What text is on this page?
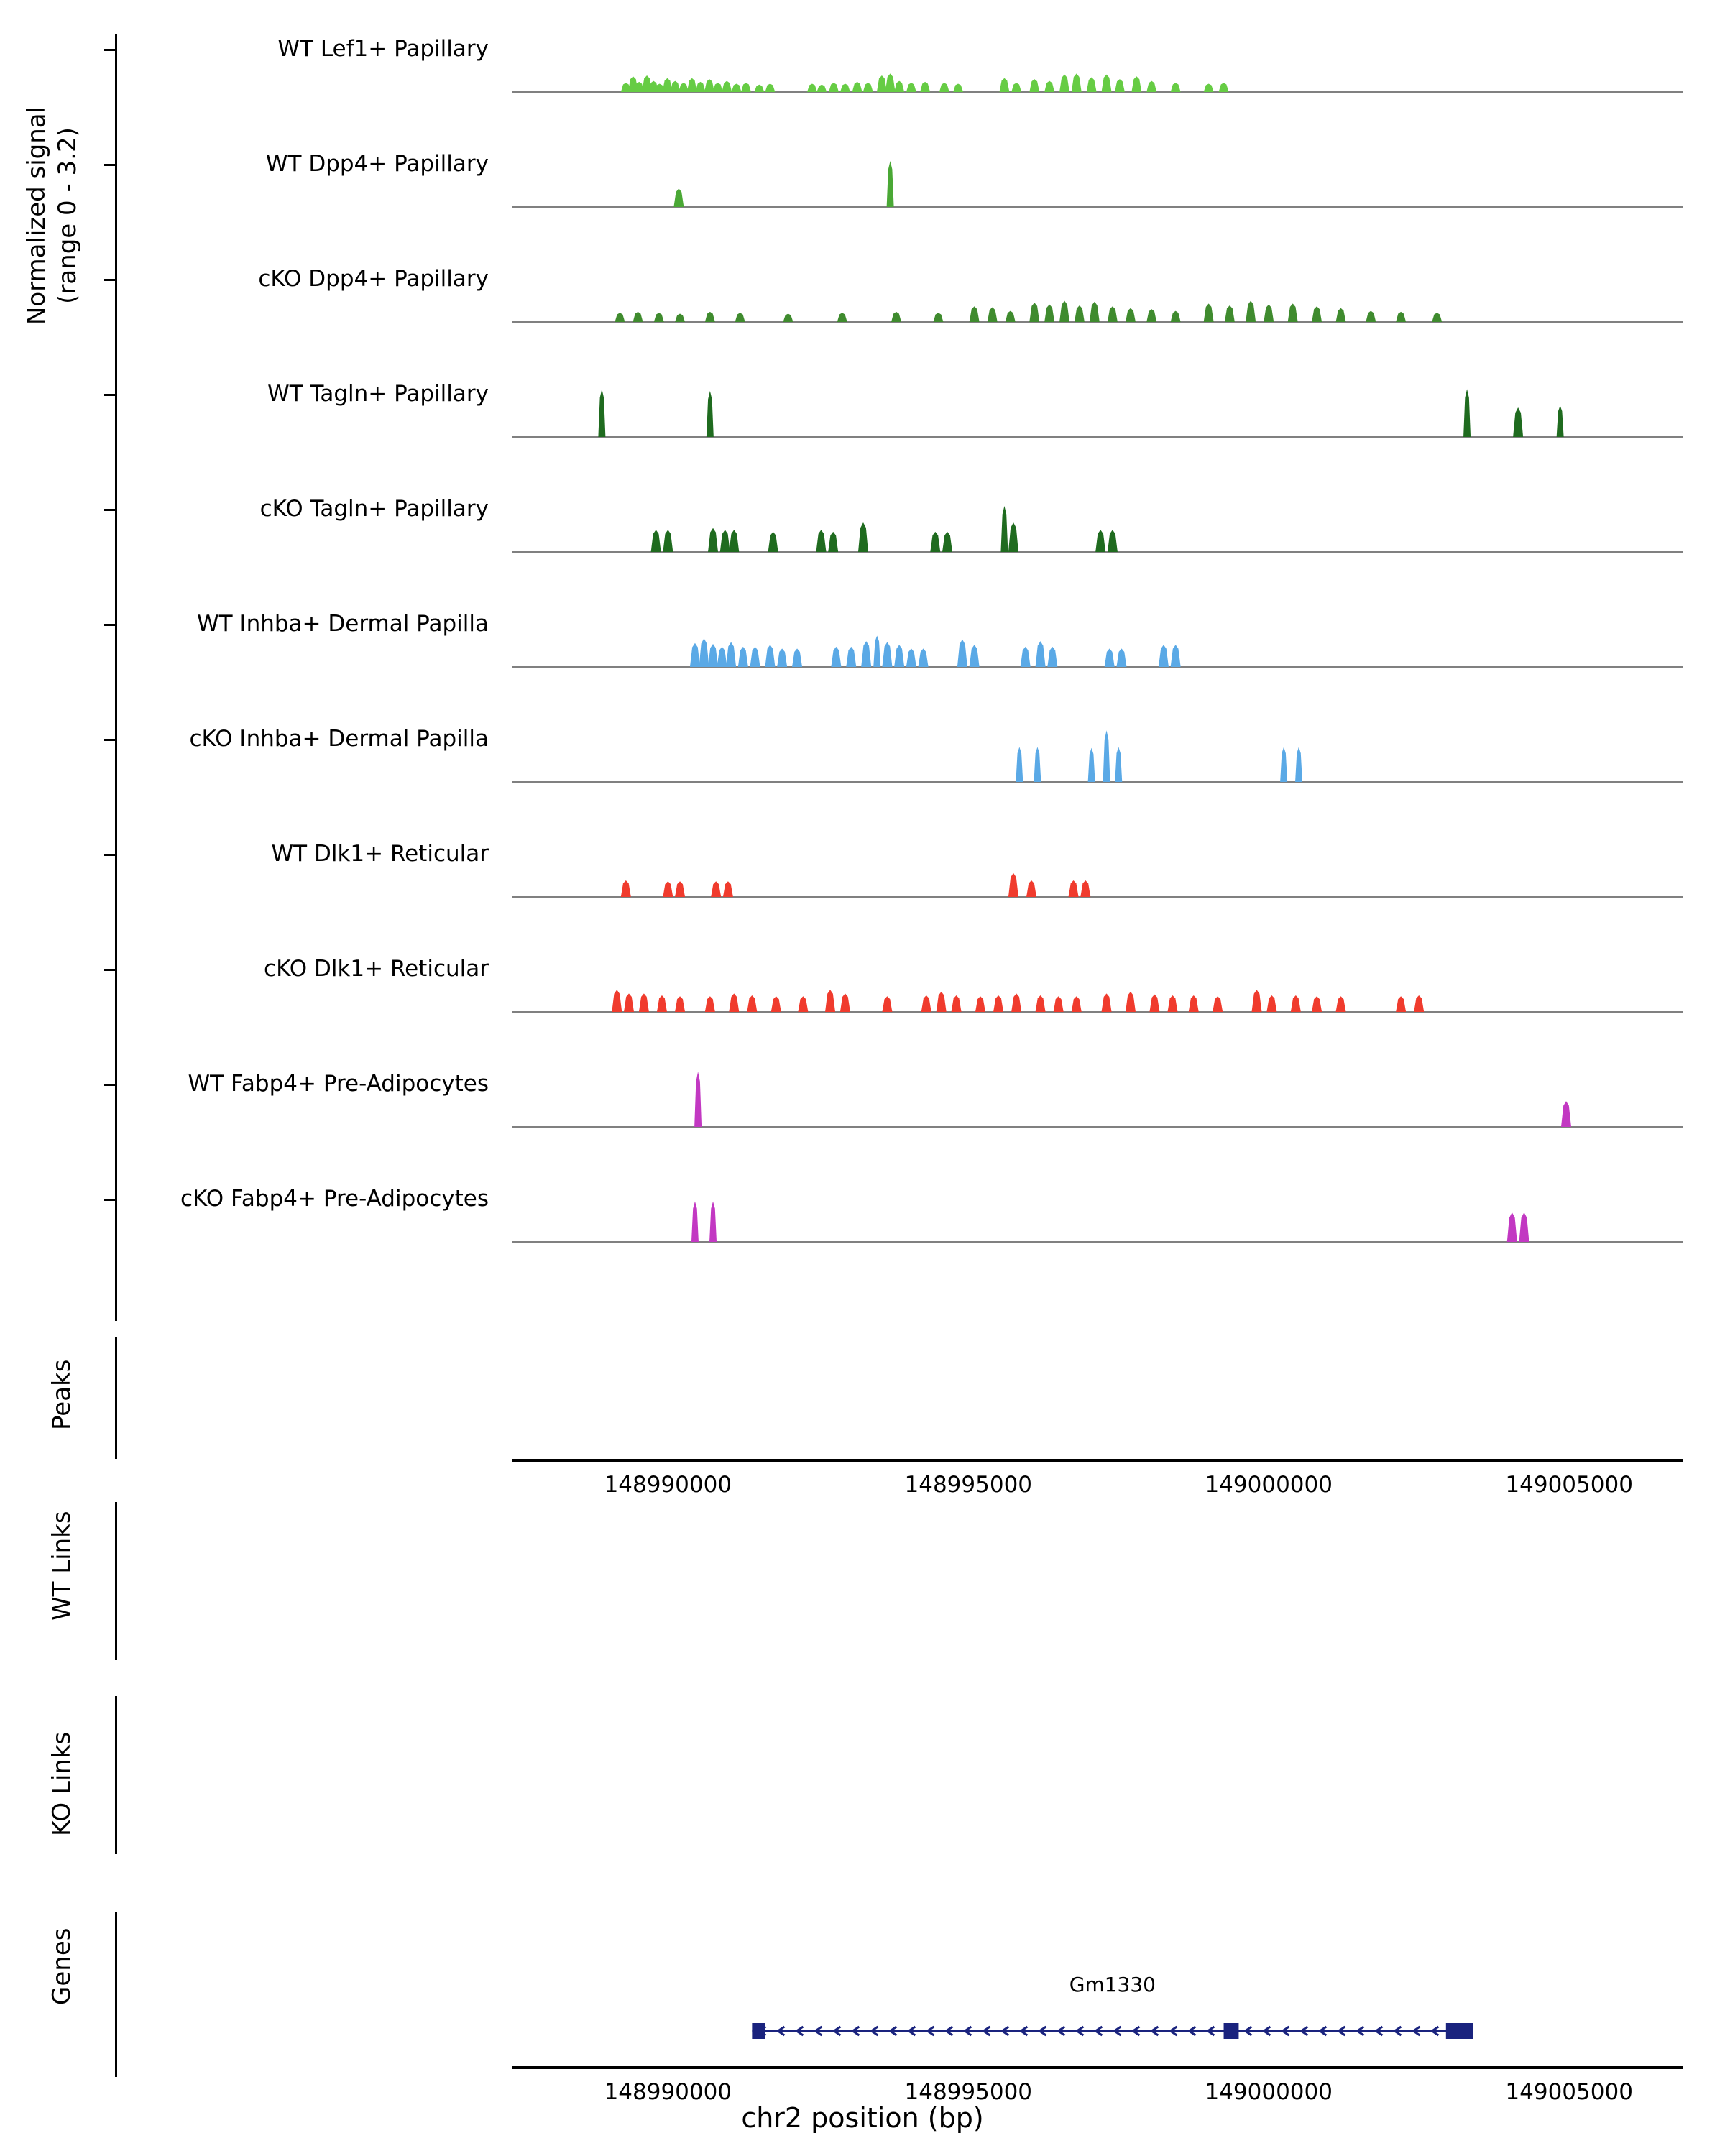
Normalized signal
(range 0 - 3.2)
Peaks
WT Links
KO Links
Genes
WT Lef1+ Papillary
WT Dpp4+ Papillary
cKO Dpp4+ Papillary
WT Tagln+ Papillary
cKO Tagln+ Papillary
WT Inhba+ Dermal Papilla
cKO Inhba+ Dermal Papilla
WT Dlk1+ Reticular
cKO Dlk1+ Reticular
WT Fabp4+ Pre-Adipocytes
cKO Fabp4+ Pre-Adipocytes
148990000	148995000	149000000	149005000
Gm1330
148990000	148995000	149000000	149005000
chr2 position (bp)
